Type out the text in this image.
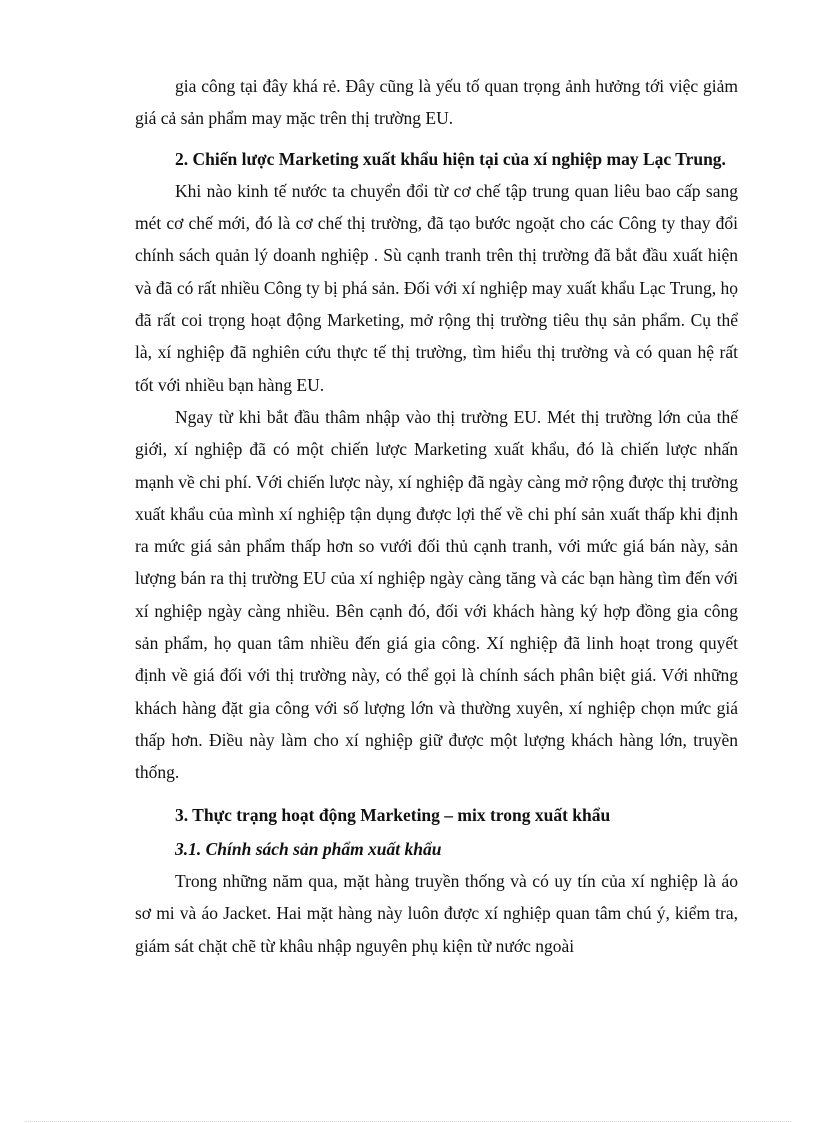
gia công tại đây khá rẻ. Đây cũng là yếu tố quan trọng ảnh hưởng tới việc giảm giá cả sản phẩm may mặc trên thị trường EU.

2. Chiến lược Marketing xuất khẩu hiện tại của xí nghiệp may Lạc Trung.

Khi nào kinh tế nước ta chuyển đổi từ cơ chế tập trung quan liêu bao cấp sang mét cơ chế mới, đó là cơ chế thị trường, đã tạo bước ngoặt cho các Công ty thay đổi chính sách quản lý doanh nghiệp . Sù cạnh tranh trên thị trường đã bắt đầu xuất hiện và đã có rất nhiều Công ty bị phá sản. Đối với xí nghiệp may xuất khẩu Lạc Trung, họ đã rất coi trọng hoạt động Marketing, mở rộng thị trường tiêu thụ sản phẩm. Cụ thể là, xí nghiệp đã nghiên cứu thực tế thị trường, tìm hiểu thị trường và có quan hệ rất tốt với nhiều bạn hàng EU.

Ngay từ khi bắt đầu thâm nhập vào thị trường EU. Mét thị trường lớn của thế giới, xí nghiệp đã có một chiến lược Marketing xuất khẩu, đó là chiến lược nhấn mạnh về chi phí. Với chiến lược này, xí nghiệp đã ngày càng mở rộng được thị trường xuất khẩu của mình xí nghiệp tận dụng được lợi thế về chi phí sản xuất thấp khi định ra mức giá sản phẩm thấp hơn so vưới đối thủ cạnh tranh, với mức giá bán này, sản lượng bán ra thị trường EU của xí nghiệp ngày càng tăng và các bạn hàng tìm đến với xí nghiệp ngày càng nhiều. Bên cạnh đó, đối với khách hàng ký hợp đồng gia công sản phẩm, họ quan tâm nhiều đến giá gia công. Xí nghiệp đã linh hoạt trong quyết định về giá đối với thị trường này, có thể gọi là chính sách phân biệt giá. Với những khách hàng đặt gia công với số lượng lớn và thường xuyên, xí nghiệp chọn mức giá thấp hơn. Điều này làm cho xí nghiệp giữ được một lượng khách hàng lớn, truyền thống.

3. Thực trạng hoạt động Marketing – mix trong xuất khẩu

3.1. Chính sách sản phẩm xuất khẩu

Trong những năm qua, mặt hàng truyền thống và có uy tín của xí nghiệp là áo sơ mi và áo Jacket. Hai mặt hàng này luôn được xí nghiệp quan tâm chú ý, kiểm tra, giám sát chặt chẽ từ khâu nhập nguyên phụ kiện từ nước ngoài
